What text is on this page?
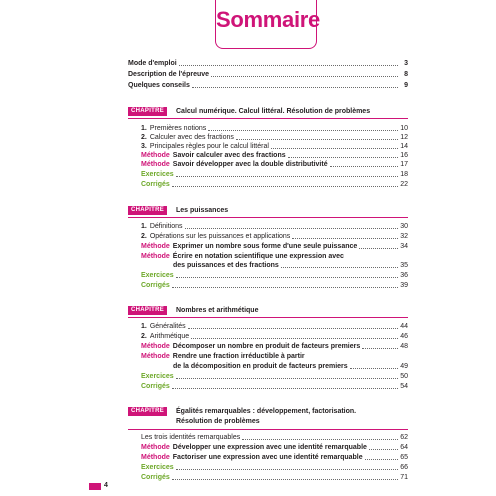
Sommaire
Mode d'emploi	3
Description de l'épreuve	8
Quelques conseils	9
CHAPITRE 1
Calcul numérique. Calcul littéral. Résolution de problèmes
1. Premières notions	10
2. Calculer avec des fractions	12
3. Principales règles pour le calcul littéral	14
Méthode Savoir calculer avec des fractions	16
Méthode Savoir développer avec la double distributivité	17
Exercices	18
Corrigés	22
CHAPITRE 2
Les puissances
1. Définitions	30
2. Opérations sur les puissances et applications	32
Méthode Exprimer un nombre sous forme d'une seule puissance	34
Méthode Écrire en notation scientifique une expression avec
des puissances et des fractions	35
Exercices	36
Corrigés	39
CHAPITRE 3
Nombres et arithmétique
1. Généralités	44
2. Arithmétique	46
Méthode Décomposer un nombre en produit de facteurs premiers	48
Méthode Rendre une fraction irréductible à partir
de la décomposition en produit de facteurs premiers	49
Exercices	50
Corrigés	54
CHAPITRE 4
Égalités remarquables : développement, factorisation.
Résolution de problèmes
Les trois identités remarquables	62
Méthode Développer une expression avec une identité remarquable	64
Méthode Factoriser une expression avec une identité remarquable	65
Exercices	66
Corrigés	71
4
